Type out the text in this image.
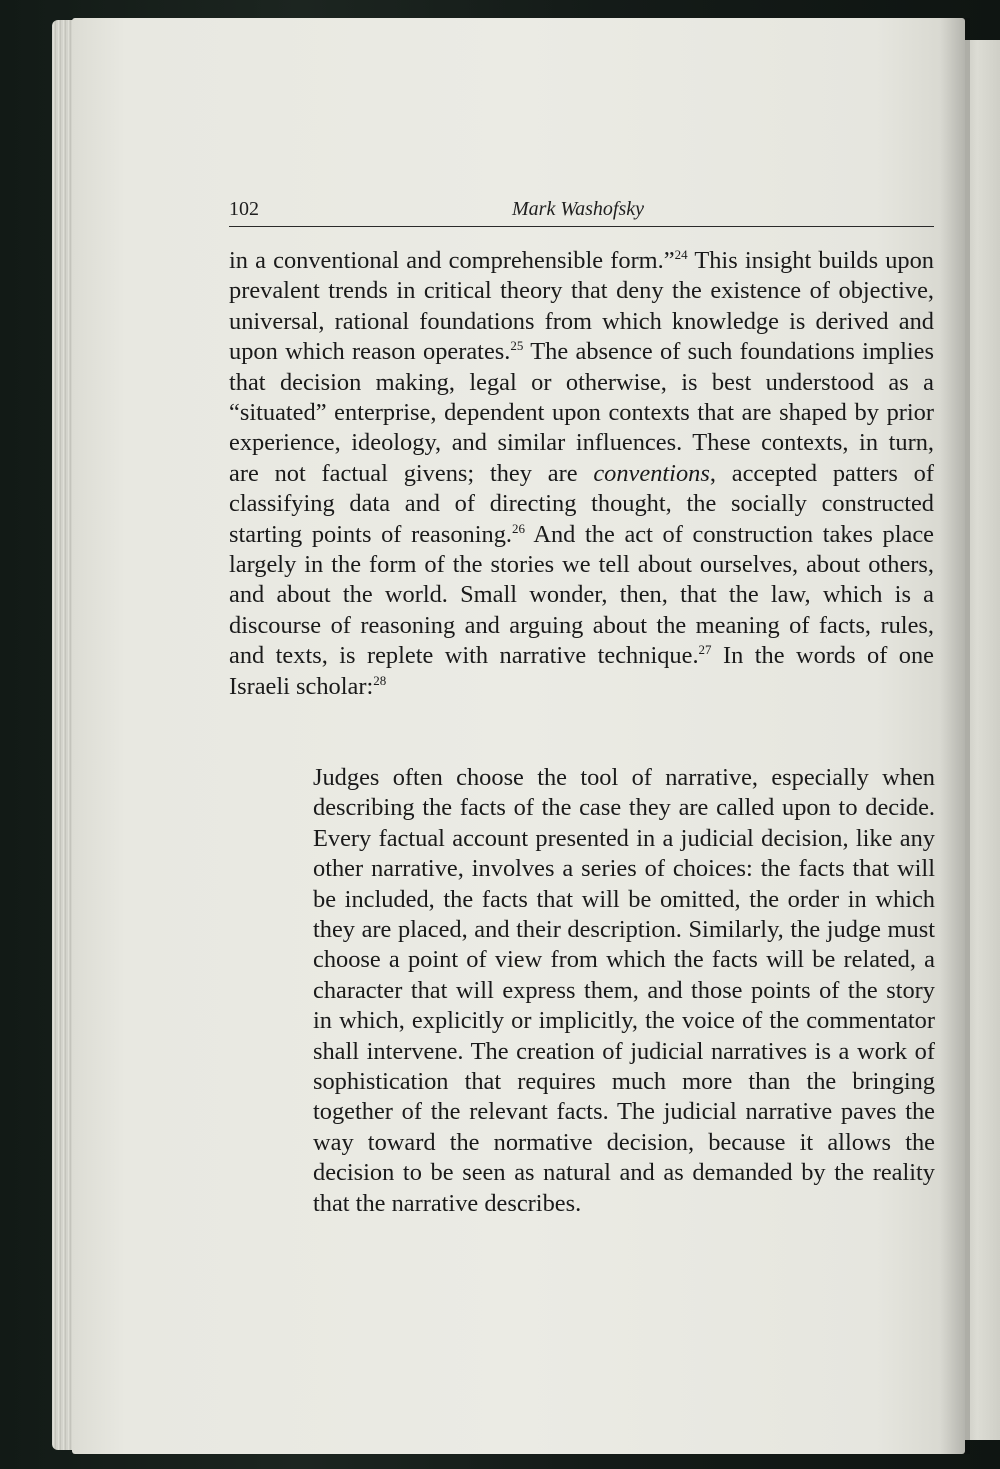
102	Mark Washofsky

in a conventional and comprehensible form.”$^{24}$ This insight builds upon prevalent trends in critical theory that deny the existence of objective, universal, rational foundations from which knowledge is derived and upon which reason operates.$^{25}$ The absence of such foundations implies that decision making, legal or otherwise, is best understood as a “situated” enterprise, dependent upon contexts that are shaped by prior experience, ideology, and similar influences. These contexts, in turn, are not factual givens; they are conventions, accepted patters of classifying data and of directing thought, the socially constructed starting points of reasoning.$^{26}$ And the act of construction takes place largely in the form of the stories we tell about ourselves, about others, and about the world. Small wonder, then, that the law, which is a discourse of reasoning and arguing about the meaning of facts, rules, and texts, is replete with narrative technique.$^{27}$ In the words of one Israeli scholar:$^{28}$

Judges often choose the tool of narrative, especially when describing the facts of the case they are called upon to decide. Every factual account presented in a judicial decision, like any other narrative, involves a series of choices: the facts that will be included, the facts that will be omitted, the order in which they are placed, and their description. Similarly, the judge must choose a point of view from which the facts will be related, a character that will express them, and those points of the story in which, explicitly or implicitly, the voice of the commentator shall intervene. The creation of judicial narratives is a work of sophistication that requires much more than the bringing together of the relevant facts. The judicial narrative paves the way toward the normative decision, because it allows the decision to be seen as natural and as demanded by the reality that the narrative describes.
